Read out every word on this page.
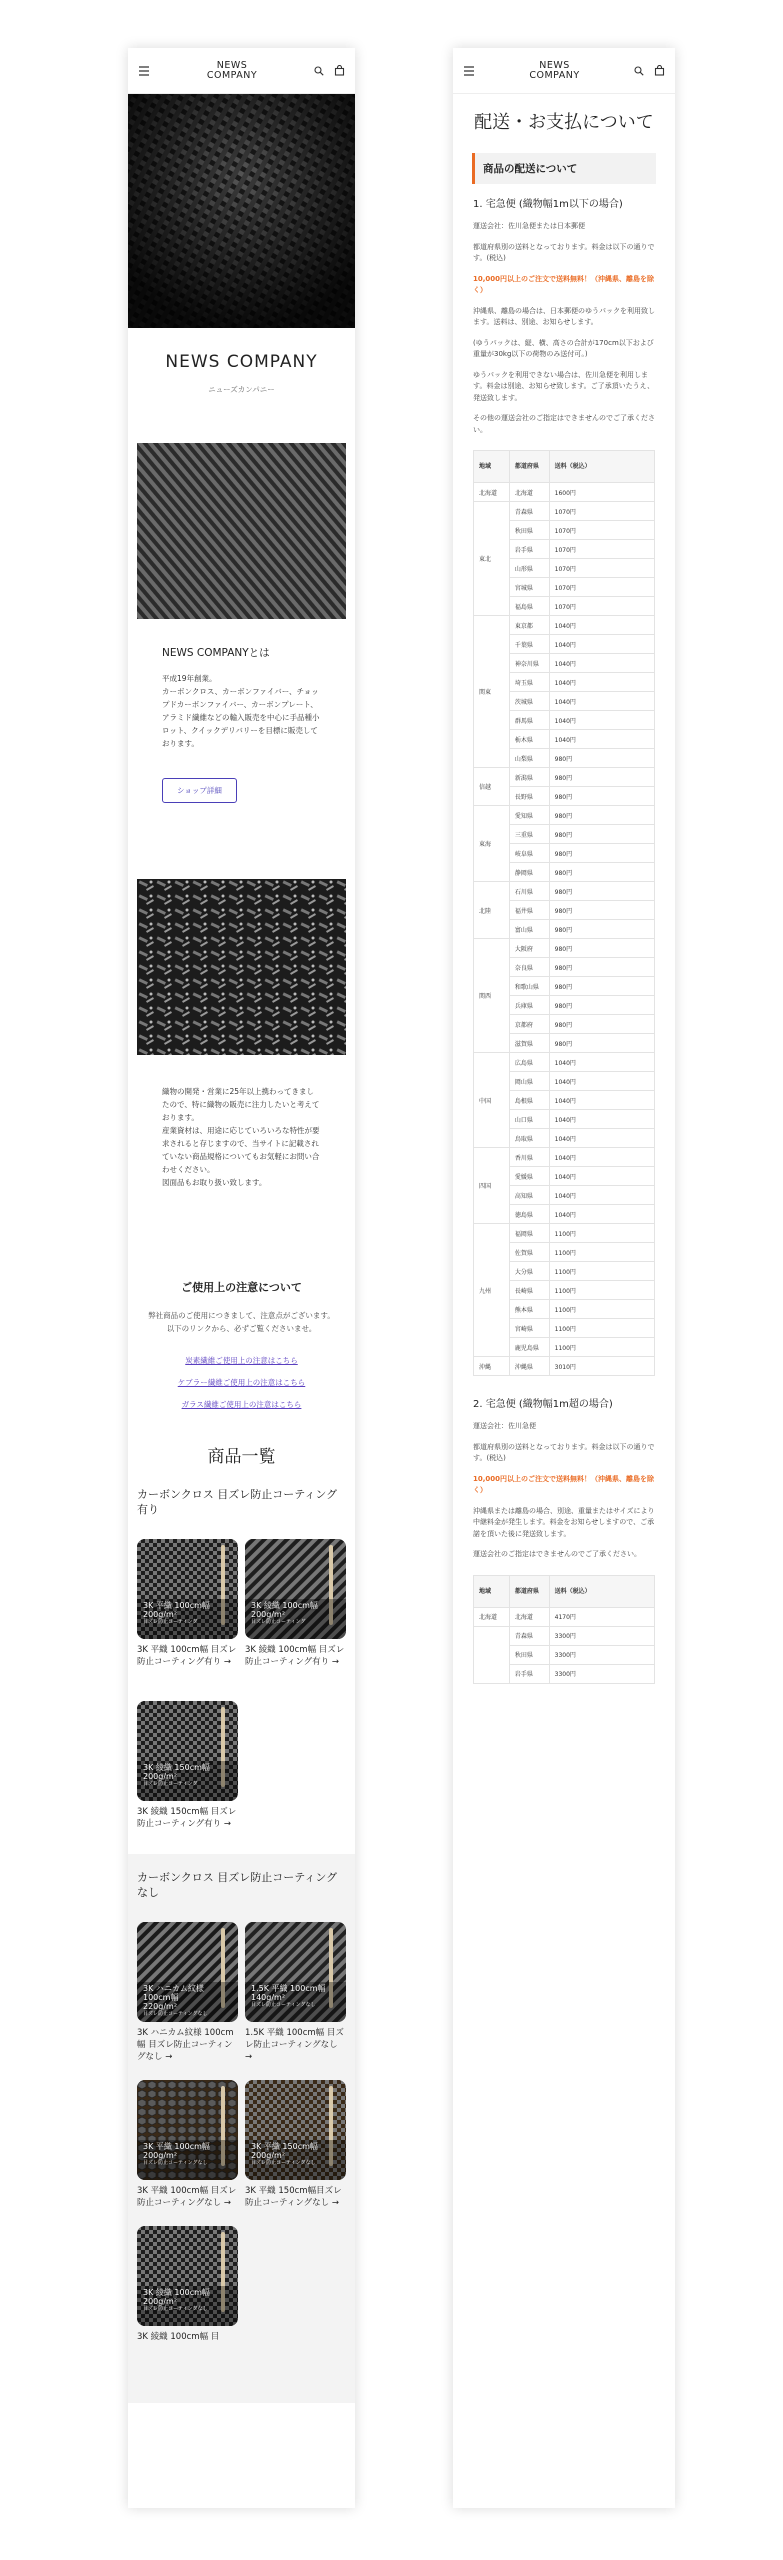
NEWS
COMPANY
NEWS COMPANY
ニューズカンパニー
NEWS COMPANYとは
平成19年創業。
カーボンクロス、カーボンファイバー、チョップドカーボンファイバー、カーボンプレート、アラミド繊維などの輸入販売を中心に手品種小ロット、クイックデリバリーを目標に販売しております。
ショップ詳細
織物の開発・営業に25年以上携わってきましたので、特に織物の販売に注力したいと考えております。
産業資材は、用途に応じていろいろな特性が要求されると存じますので、当サイトに記載されていない商品規格についてもお気軽にお問い合わせください。
図面品もお取り扱い致します。
ご使用上の注意について
弊社商品のご使用につきまして、注意点がございます。
以下のリンクから、必ずご覧くださいませ。
炭素繊維ご使用上の注意はこちら
ケブラー繊維ご使用上の注意はこちら
ガラス繊維ご使用上の注意はこちら
商品一覧
カーボンクロス 目ズレ防止コーティング有り
3K 平織 100cm幅
200g/m²
目ズレ防止コーティング
3K 平織 100cm幅 目ズレ防止コーティング有り →
3K 綾織 100cm幅
200g/m²
目ズレ防止コーティング
3K 綾織 100cm幅 目ズレ防止コーティング有り →
3K 綾織 150cm幅
200g/m²
目ズレ防止コーティング
3K 綾織 150cm幅 目ズレ防止コーティング有り →
カーボンクロス 目ズレ防止コーティングなし
3K ハニカム紋様
100cm幅
220g/m²
目ズレ防止コーティングなし
3K ハニカム紋様 100cm幅 目ズレ防止コーティングなし →
1.5K 平織 100cm幅
140g/m²
目ズレ防止コーティングなし
1.5K 平織 100cm幅 目ズレ防止コーティングなし →
3K 平織 100cm幅
200g/m²
目ズレ防止コーティングなし
3K 平織 100cm幅 目ズレ防止コーティングなし →
3K 平織 150cm幅
200g/m²
目ズレ防止コーティングなし
3K 平織 150cm幅目ズレ防止コーティングなし →
3K 綾織 100cm幅
200g/m²
目ズレ防止コーティングなし
3K 綾織 100cm幅 目
NEWS
COMPANY
配送・お支払について
商品の配送について
1. 宅急便 (織物幅1m以下の場合)
運送会社：佐川急便または日本郵便
都道府県別の送料となっております。料金は以下の通りです。(税込)
10,000円以上のご注文で送料無料！（沖縄県、離島を除く）
沖縄県、離島の場合は、日本郵便のゆうパックを利用致します。送料は、別途、お知らせします。
(ゆうパックは、縦、横、高さの合計が170cm以下および重量が30kg以下の荷物のみ送付可。)
ゆうパックを利用できない場合は、佐川急便を利用します。料金は別途、お知らせ致します。ご了承頂いたうえ、発送致します。
その他の運送会社のご指定はできませんのでご了承ください。
地域	都道府県	送料（税込）
北海道	北海道	1600円
東北	青森県	1070円
	秋田県	1070円
	岩手県	1070円
	山形県	1070円
	宮城県	1070円
	福島県	1070円
関東	東京都	1040円
	千葉県	1040円
	神奈川県	1040円
	埼玉県	1040円
	茨城県	1040円
	群馬県	1040円
	栃木県	1040円
	山梨県	980円
信越	新潟県	980円
	長野県	980円
東海	愛知県	980円
	三重県	980円
	岐阜県	980円
	静岡県	980円
北陸	石川県	980円
	福井県	980円
	富山県	980円
関西	大阪府	980円
	奈良県	980円
	和歌山県	980円
	兵庫県	980円
	京都府	980円
	滋賀県	980円
中国	広島県	1040円
	岡山県	1040円
	島根県	1040円
	山口県	1040円
	鳥取県	1040円
四国	香川県	1040円
	愛媛県	1040円
	高知県	1040円
	徳島県	1040円
九州	福岡県	1100円
	佐賀県	1100円
	大分県	1100円
	長崎県	1100円
	熊本県	1100円
	宮崎県	1100円
	鹿児島県	1100円
沖縄	沖縄県	3010円
2. 宅急便 (織物幅1m超の場合)
運送会社：佐川急便
都道府県別の送料となっております。料金は以下の通りです。(税込)
10,000円以上のご注文で送料無料！（沖縄県、離島を除く）
沖縄県または離島の場合、別途、重量またはサイズにより中継料金が発生します。料金をお知らせしますので、ご承諾を頂いた後に発送致します。
運送会社のご指定はできませんのでご了承ください。
地域	都道府県	送料（税込）
北海道	北海道	4170円
	青森県	3300円
	秋田県	3300円
	岩手県	3300円
